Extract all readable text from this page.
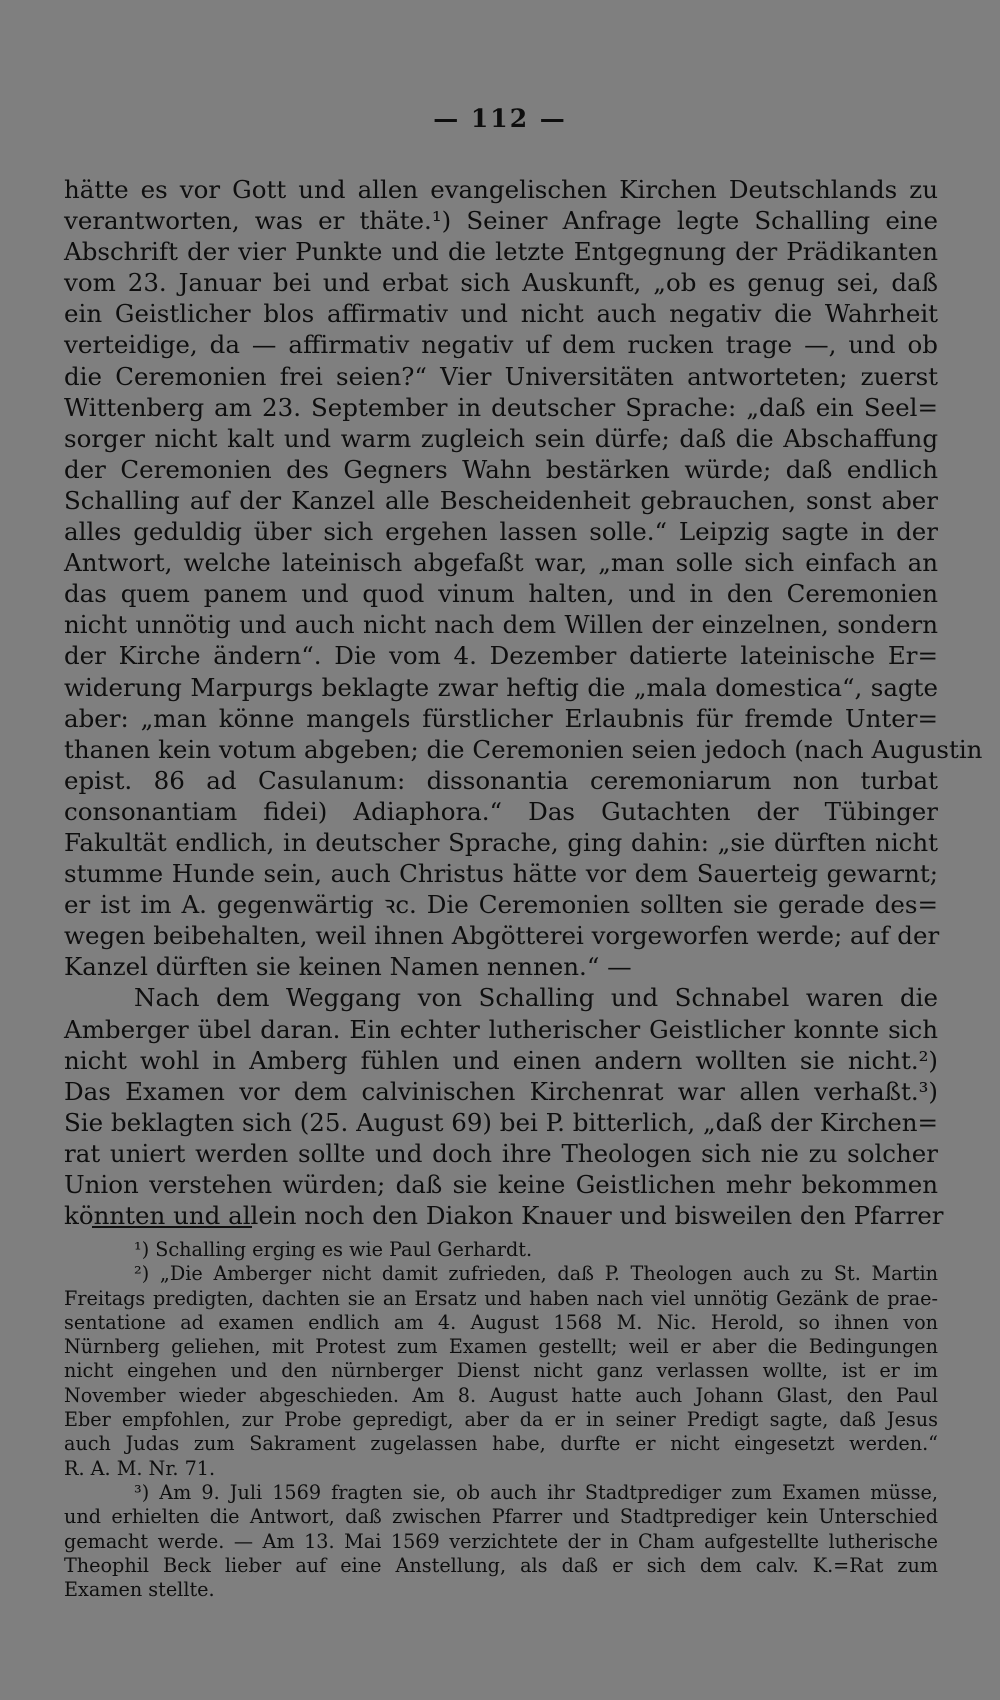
— 112 —
hätte es vor Gott und allen evangelischen Kirchen Deutschlands zu
verantworten, was er thäte.¹) Seiner Anfrage legte Schalling eine
Abschrift der vier Punkte und die letzte Entgegnung der Prädikanten
vom 23. Januar bei und erbat sich Auskunft, „ob es genug sei, daß
ein Geistlicher blos affirmativ und nicht auch negativ die Wahrheit
verteidige, da — affirmativ negativ uf dem rucken trage —, und ob
die Ceremonien frei seien?“ Vier Universitäten antworteten; zuerst
Wittenberg am 23. September in deutscher Sprache: „daß ein Seel=
sorger nicht kalt und warm zugleich sein dürfe; daß die Abschaffung
der Ceremonien des Gegners Wahn bestärken würde; daß endlich
Schalling auf der Kanzel alle Bescheidenheit gebrauchen, sonst aber
alles geduldig über sich ergehen lassen solle.“ Leipzig sagte in der
Antwort, welche lateinisch abgefaßt war, „man solle sich einfach an
das quem panem und quod vinum halten, und in den Ceremonien
nicht unnötig und auch nicht nach dem Willen der einzelnen, sondern
der Kirche ändern“. Die vom 4. Dezember datierte lateinische Er=
widerung Marpurgs beklagte zwar heftig die „mala domestica“, sagte
aber: „man könne mangels fürstlicher Erlaubnis für fremde Unter=
thanen kein votum abgeben; die Ceremonien seien jedoch (nach Augustin
epist. 86 ad Casulanum: dissonantia ceremoniarum non turbat
consonantiam fidei) Adiaphora.“ Das Gutachten der Tübinger
Fakultät endlich, in deutscher Sprache, ging dahin: „sie dürften nicht
stumme Hunde sein, auch Christus hätte vor dem Sauerteig gewarnt;
er ist im A. gegenwärtig ꝛc. Die Ceremonien sollten sie gerade des=
wegen beibehalten, weil ihnen Abgötterei vorgeworfen werde; auf der
Kanzel dürften sie keinen Namen nennen.“ —
Nach dem Weggang von Schalling und Schnabel waren die
Amberger übel daran. Ein echter lutherischer Geistlicher konnte sich
nicht wohl in Amberg fühlen und einen andern wollten sie nicht.²)
Das Examen vor dem calvinischen Kirchenrat war allen verhaßt.³)
Sie beklagten sich (25. August 69) bei P. bitterlich, „daß der Kirchen=
rat uniert werden sollte und doch ihre Theologen sich nie zu solcher
Union verstehen würden; daß sie keine Geistlichen mehr bekommen
könnten und allein noch den Diakon Knauer und bisweilen den Pfarrer
¹) Schalling erging es wie Paul Gerhardt.
²) „Die Amberger nicht damit zufrieden, daß P. Theologen auch zu St. Martin
Freitags predigten, dachten sie an Ersatz und haben nach viel unnötig Gezänk de prae-
sentatione ad examen endlich am 4. August 1568 M. Nic. Herold, so ihnen von
Nürnberg geliehen, mit Protest zum Examen gestellt; weil er aber die Bedingungen
nicht eingehen und den nürnberger Dienst nicht ganz verlassen wollte, ist er im
November wieder abgeschieden. Am 8. August hatte auch Johann Glast, den Paul
Eber empfohlen, zur Probe gepredigt, aber da er in seiner Predigt sagte, daß Jesus
auch Judas zum Sakrament zugelassen habe, durfte er nicht eingesetzt werden.“
R. A. M. Nr. 71.
³) Am 9. Juli 1569 fragten sie, ob auch ihr Stadtprediger zum Examen müsse,
und erhielten die Antwort, daß zwischen Pfarrer und Stadtprediger kein Unterschied
gemacht werde. — Am 13. Mai 1569 verzichtete der in Cham aufgestellte lutherische
Theophil Beck lieber auf eine Anstellung, als daß er sich dem calv. K.=Rat zum
Examen stellte.
